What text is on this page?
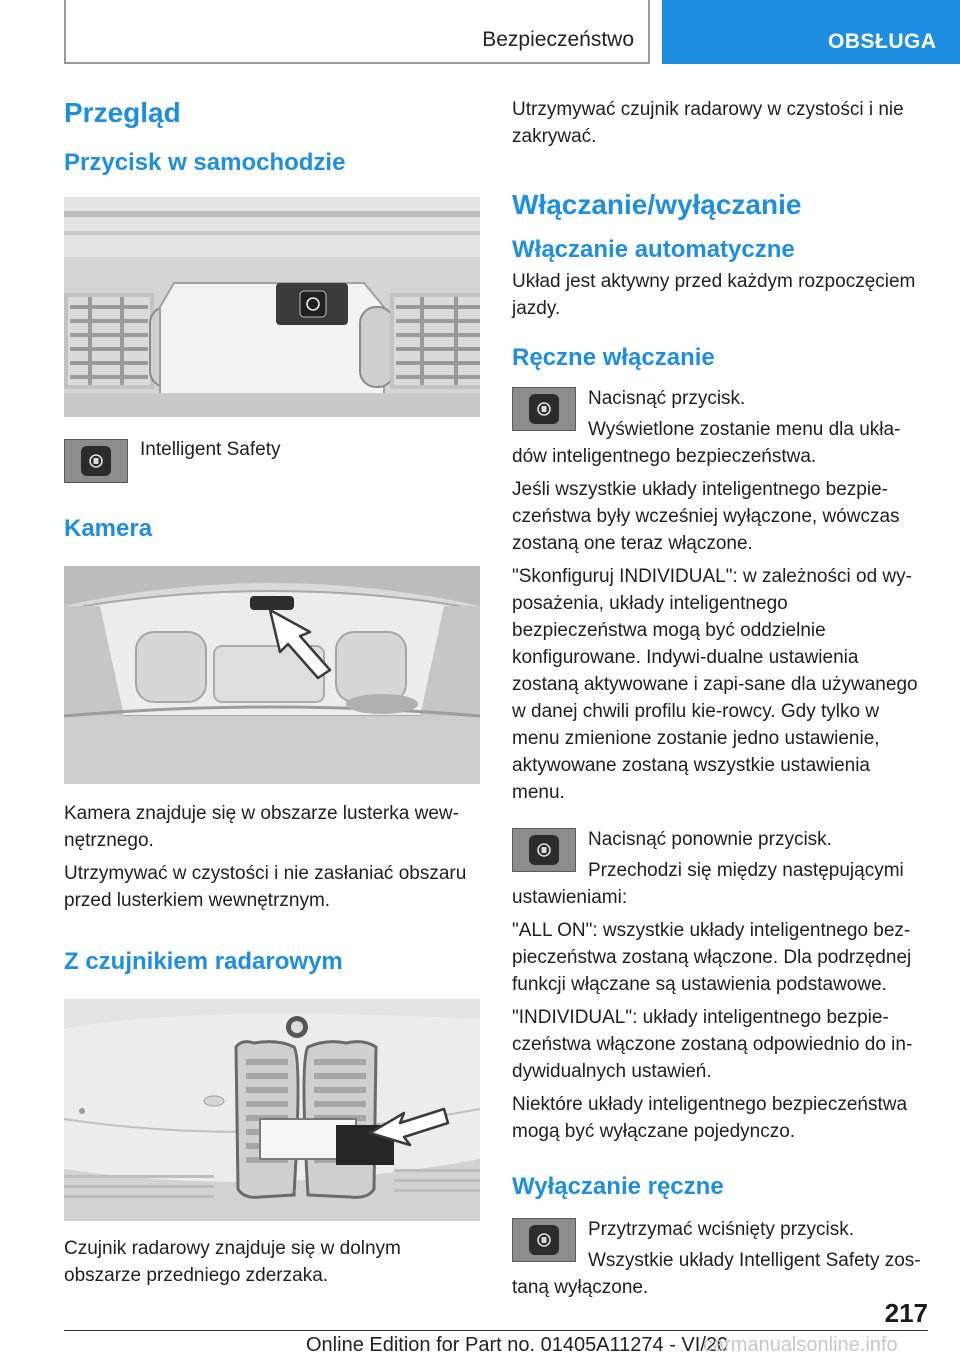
Bezpieczeństwo	OBSŁUGA
Przegląd
Przycisk w samochodzie

Intelligent Safety

Kamera

Kamera znajduje się w obszarze lusterka wew-nętrznego.

Utrzymywać w czystości i nie zasłaniać obszaru przed lusterkiem wewnętrznym.

Z czujnikiem radarowym

Czujnik radarowy znajduje się w dolnym obszarze przedniego zderzaka.

Utrzymywać czujnik radarowy w czystości i nie zakrywać.

Włączanie/wyłączanie
Włączanie automatyczne

Układ jest aktywny przed każdym rozpoczęciem jazdy.

Ręczne włączanie

Nacisnąć przycisk.

Wyświetlone zostanie menu dla ukła-dów inteligentnego bezpieczeństwa.

Jeśli wszystkie układy inteligentnego bezpie-czeństwa były wcześniej wyłączone, wówczas zostaną one teraz włączone.

"Skonfiguruj INDIVIDUAL": w zależności od wy-posażenia, układy inteligentnego bezpieczeństwa mogą być oddzielnie konfigurowane. Indywi-dualne ustawienia zostaną aktywowane i zapi-sane dla używanego w danej chwili profilu kie-rowcy. Gdy tylko w menu zmienione zostanie jedno ustawienie, aktywowane zostaną wszystkie ustawienia menu.

Nacisnąć ponownie przycisk.

Przechodzi się między następującymi ustawieniami:

"ALL ON": wszystkie układy inteligentnego bez-pieczeństwa zostaną włączone. Dla podrzędnej funkcji włączane są ustawienia podstawowe.

"INDIVIDUAL": układy inteligentnego bezpie-czeństwa włączone zostaną odpowiednio do in-dywidualnych ustawień.

Niektóre układy inteligentnego bezpieczeństwa mogą być wyłączane pojedynczo.

Wyłączanie ręczne

Przytrzymać wciśnięty przycisk.

Wszystkie układy Intelligent Safety zos-taną wyłączone.

217
Online Edition for Part no. 01405A11274 - VI/20
carmanualsonline.info
